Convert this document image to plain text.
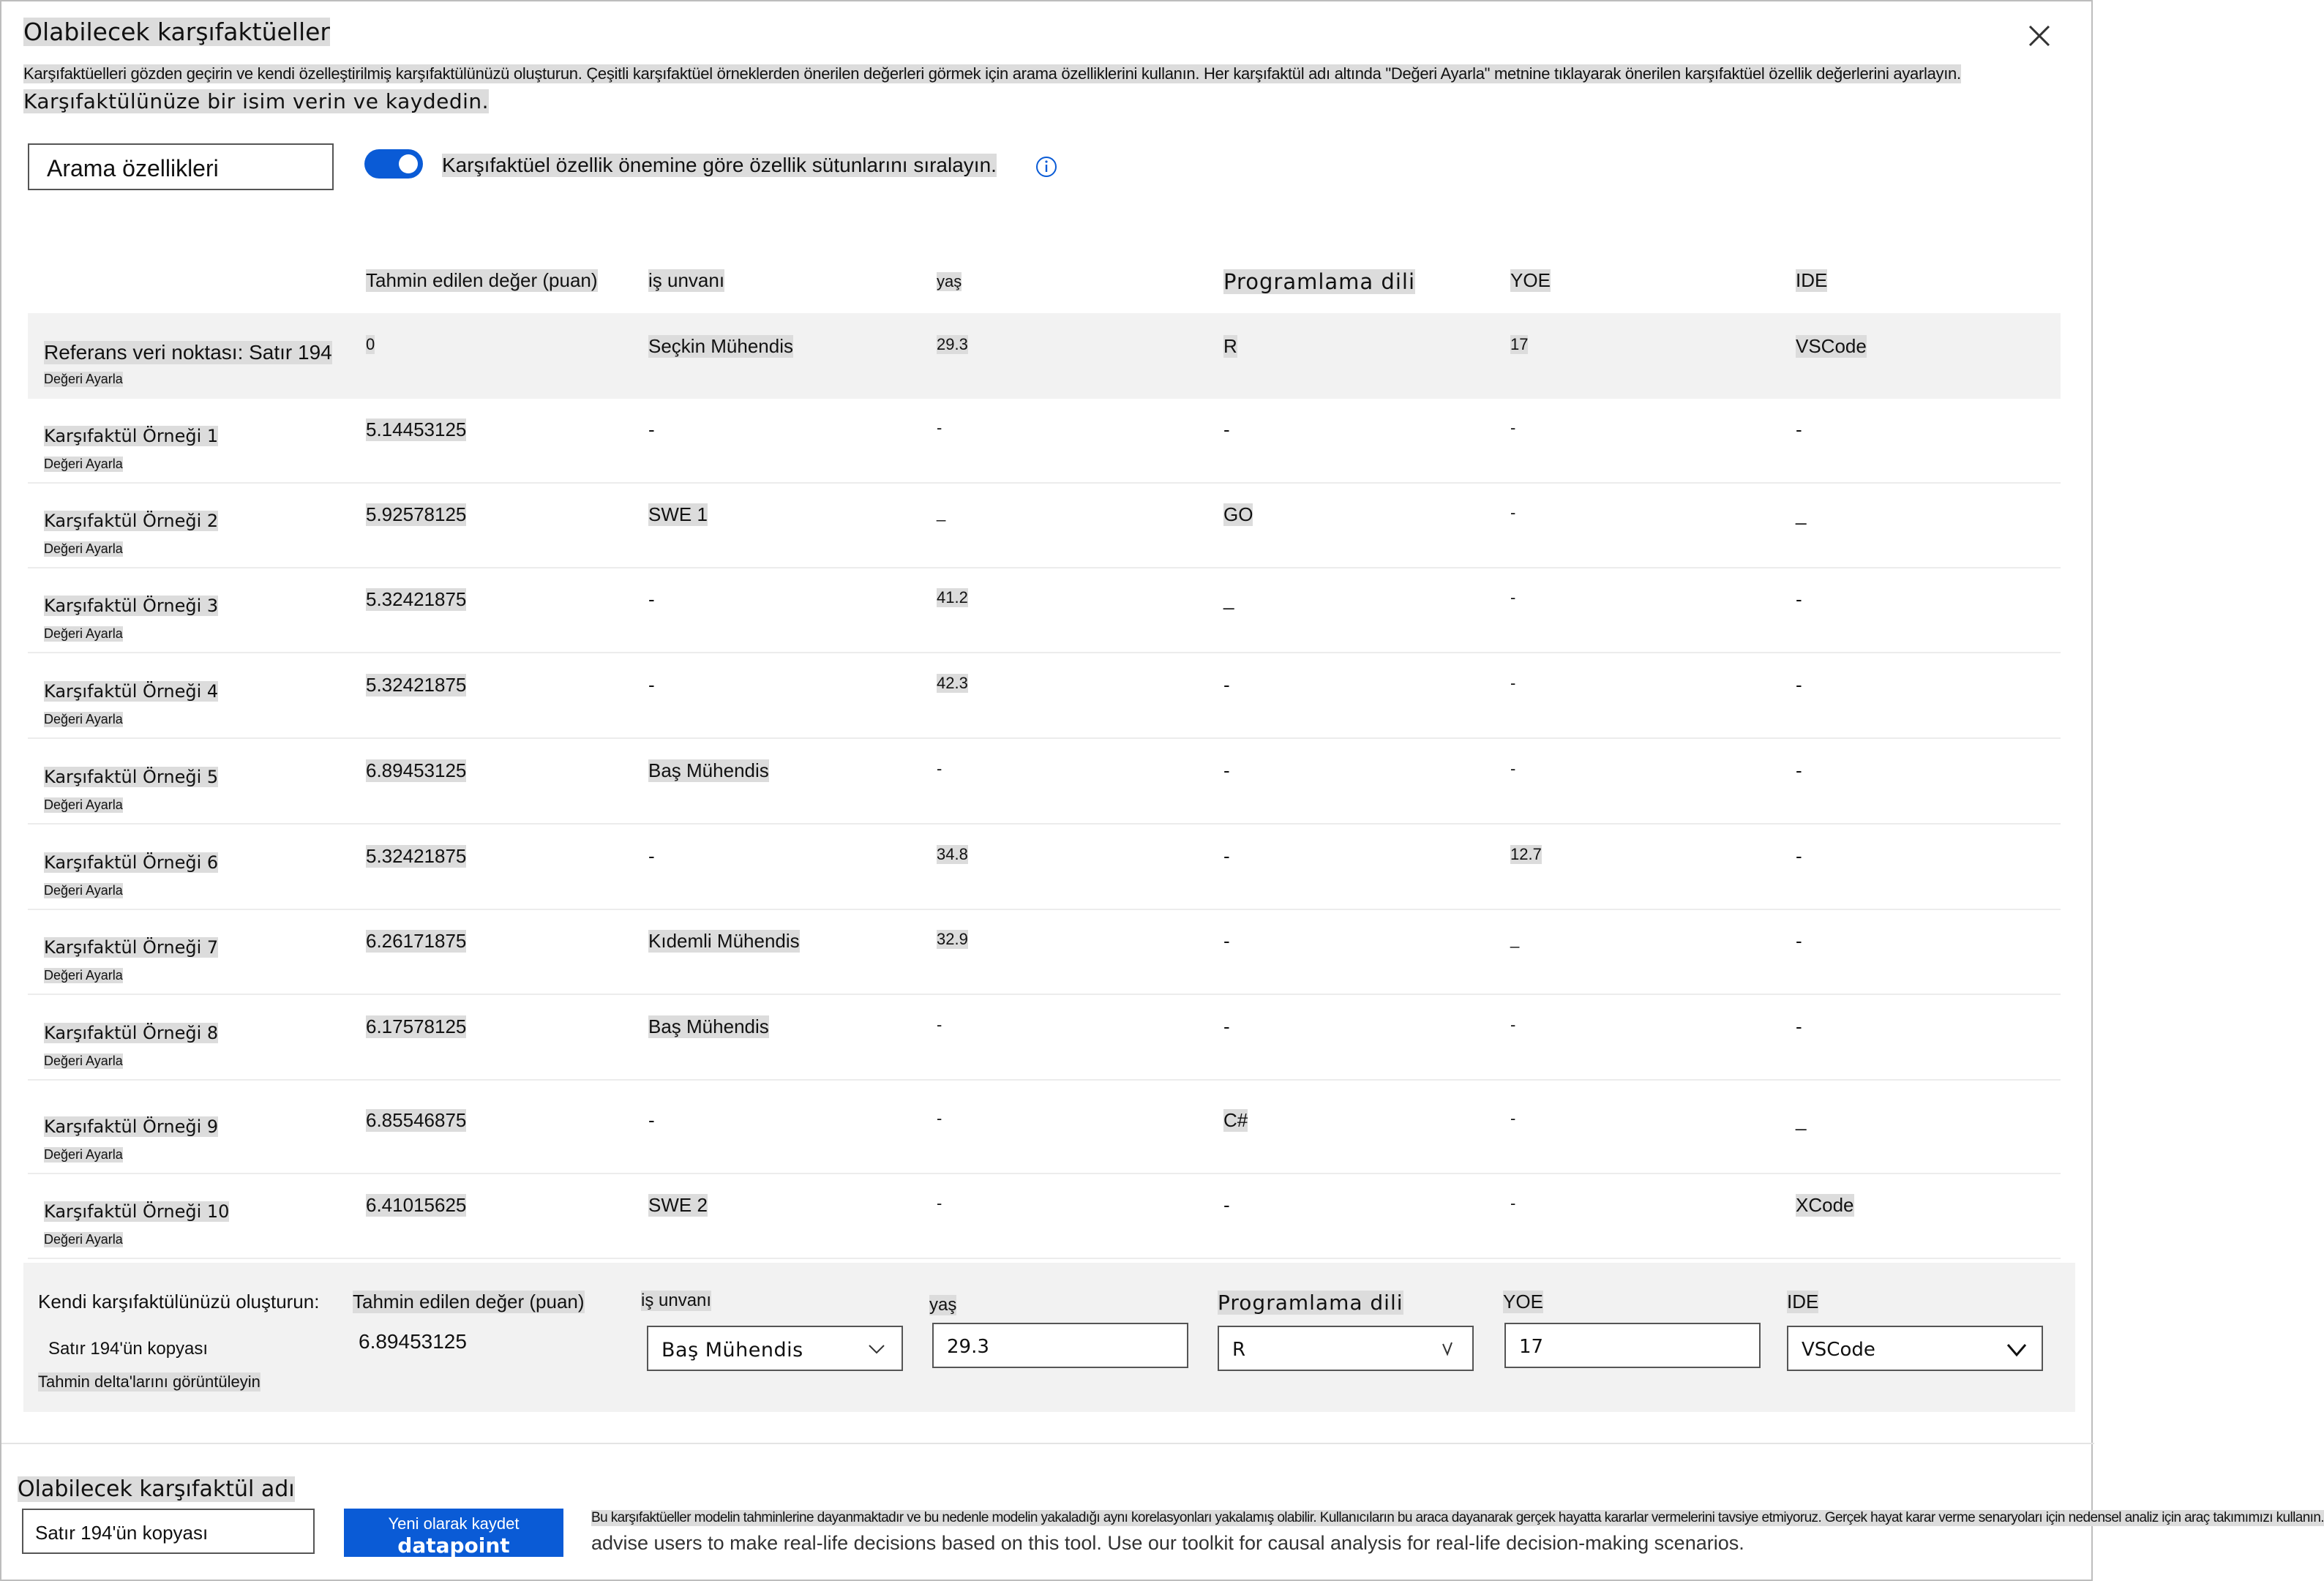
Olabilecek karşıfaktüeller
Karşıfaktüelleri gözden geçirin ve kendi özelleştirilmiş karşıfaktülünüzü oluşturun. Çeşitli karşıfaktüel örneklerden önerilen değerleri görmek için arama özelliklerini kullanın. Her karşıfaktül adı altında "Değeri Ayarla" metnine tıklayarak önerilen karşıfaktüel özellik değerlerini ayarlayın.
Karşıfaktülünüze bir isim verin ve kaydedin.
Arama özellikleri	Karşıfaktüel özellik önemine göre özellik sütunlarını sıralayın.
Tahmin edilen değer (puan)	iş unvanı	yaş	Programlama dili	YOE	IDE
Referans veri noktası: Satır 194
Değeri Ayarla
0	Seçkin Mühendis	29.3	R	17	VSCode
Karşıfaktül Örneği 1
Değeri Ayarla
5.14453125	-	-	-	-	-
Karşıfaktül Örneği 2
Değeri Ayarla
5.92578125	SWE 1	_	GO	-	_
Karşıfaktül Örneği 3
Değeri Ayarla
5.32421875	-	41.2	_	-	-
Karşıfaktül Örneği 4
Değeri Ayarla
5.32421875	-	42.3	-	-	-
Karşıfaktül Örneği 5
Değeri Ayarla
6.89453125	Baş Mühendis	-	-	-	-
Karşıfaktül Örneği 6
Değeri Ayarla
5.32421875	-	34.8	-	12.7	-
Karşıfaktül Örneği 7
Değeri Ayarla
6.26171875	Kıdemli Mühendis	32.9	-	_	-
Karşıfaktül Örneği 8
Değeri Ayarla
6.17578125	Baş Mühendis	-	-	-	-
Karşıfaktül Örneği 9
Değeri Ayarla
6.85546875	-	-	C#	-	_
Karşıfaktül Örneği 10
Değeri Ayarla
6.41015625	SWE 2	-	-	-	XCode
Kendi karşıfaktülünüzü oluşturun: Tahmin edilen değer (puan)	iş unvanı	yaş	Programlama dili	YOE	IDE
Satır 194'ün kopyası
Tahmin delta'larını görüntüleyin
6.89453125	Baş Mühendis	29.3	R	17	VSCode
Olabilecek karşıfaktül adı
Satır 194'ün kopyası	Yeni olarak kaydet
datapoint
Bu karşıfaktüeller modelin tahminlerine dayanmaktadır ve bu nedenle modelin yakaladığı aynı korelasyonları yakalamış olabilir. Kullanıcıların bu araca dayanarak gerçek hayatta kararlar vermelerini tavsiye etmiyoruz. Gerçek hayat karar verme senaryoları için nedensel analiz için araç takımımızı kullanın.
advise users to make real-life decisions based on this tool. Use our toolkit for causal analysis for real-life decision-making scenarios.
